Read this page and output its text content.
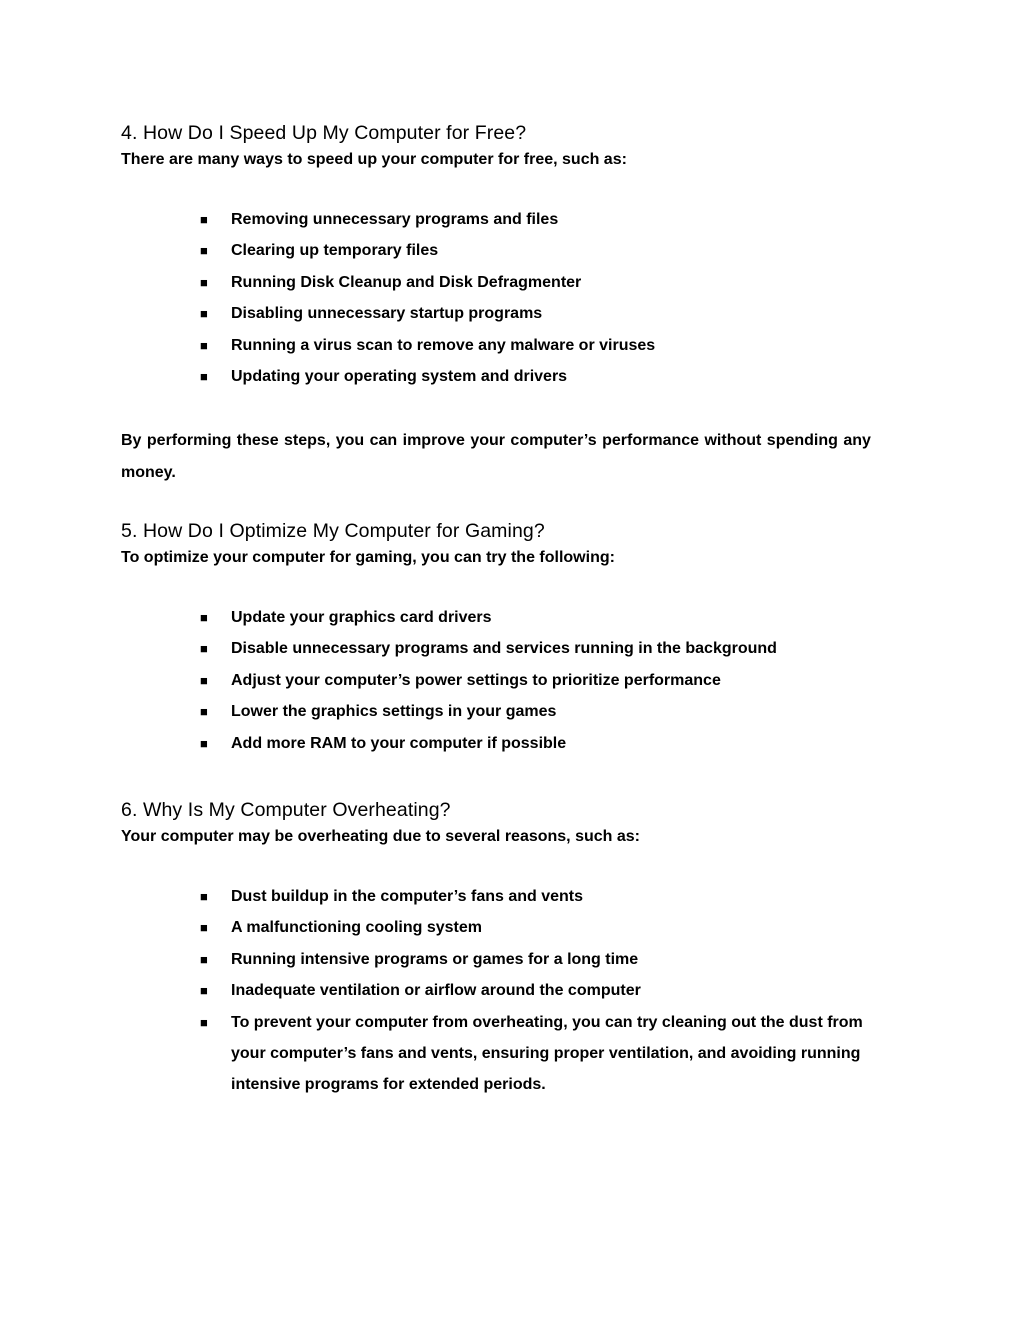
4. How Do I Speed Up My Computer for Free?
There are many ways to speed up your computer for free, such as:
■ Removing unnecessary programs and files
■ Clearing up temporary files
■ Running Disk Cleanup and Disk Defragmenter
■ Disabling unnecessary startup programs
■ Running a virus scan to remove any malware or viruses
■ Updating your operating system and drivers

By performing these steps, you can improve your computer’s performance without spending any money.

5. How Do I Optimize My Computer for Gaming?
To optimize your computer for gaming, you can try the following:
■ Update your graphics card drivers
■ Disable unnecessary programs and services running in the background
■ Adjust your computer’s power settings to prioritize performance
■ Lower the graphics settings in your games
■ Add more RAM to your computer if possible
6. Why Is My Computer Overheating?
Your computer may be overheating due to several reasons, such as:
■ Dust buildup in the computer’s fans and vents
■ A malfunctioning cooling system
■ Running intensive programs or games for a long time
■ Inadequate ventilation or airflow around the computer
■ To prevent your computer from overheating, you can try cleaning out the dust from your computer’s fans and vents, ensuring proper ventilation, and avoiding running intensive programs for extended periods.
